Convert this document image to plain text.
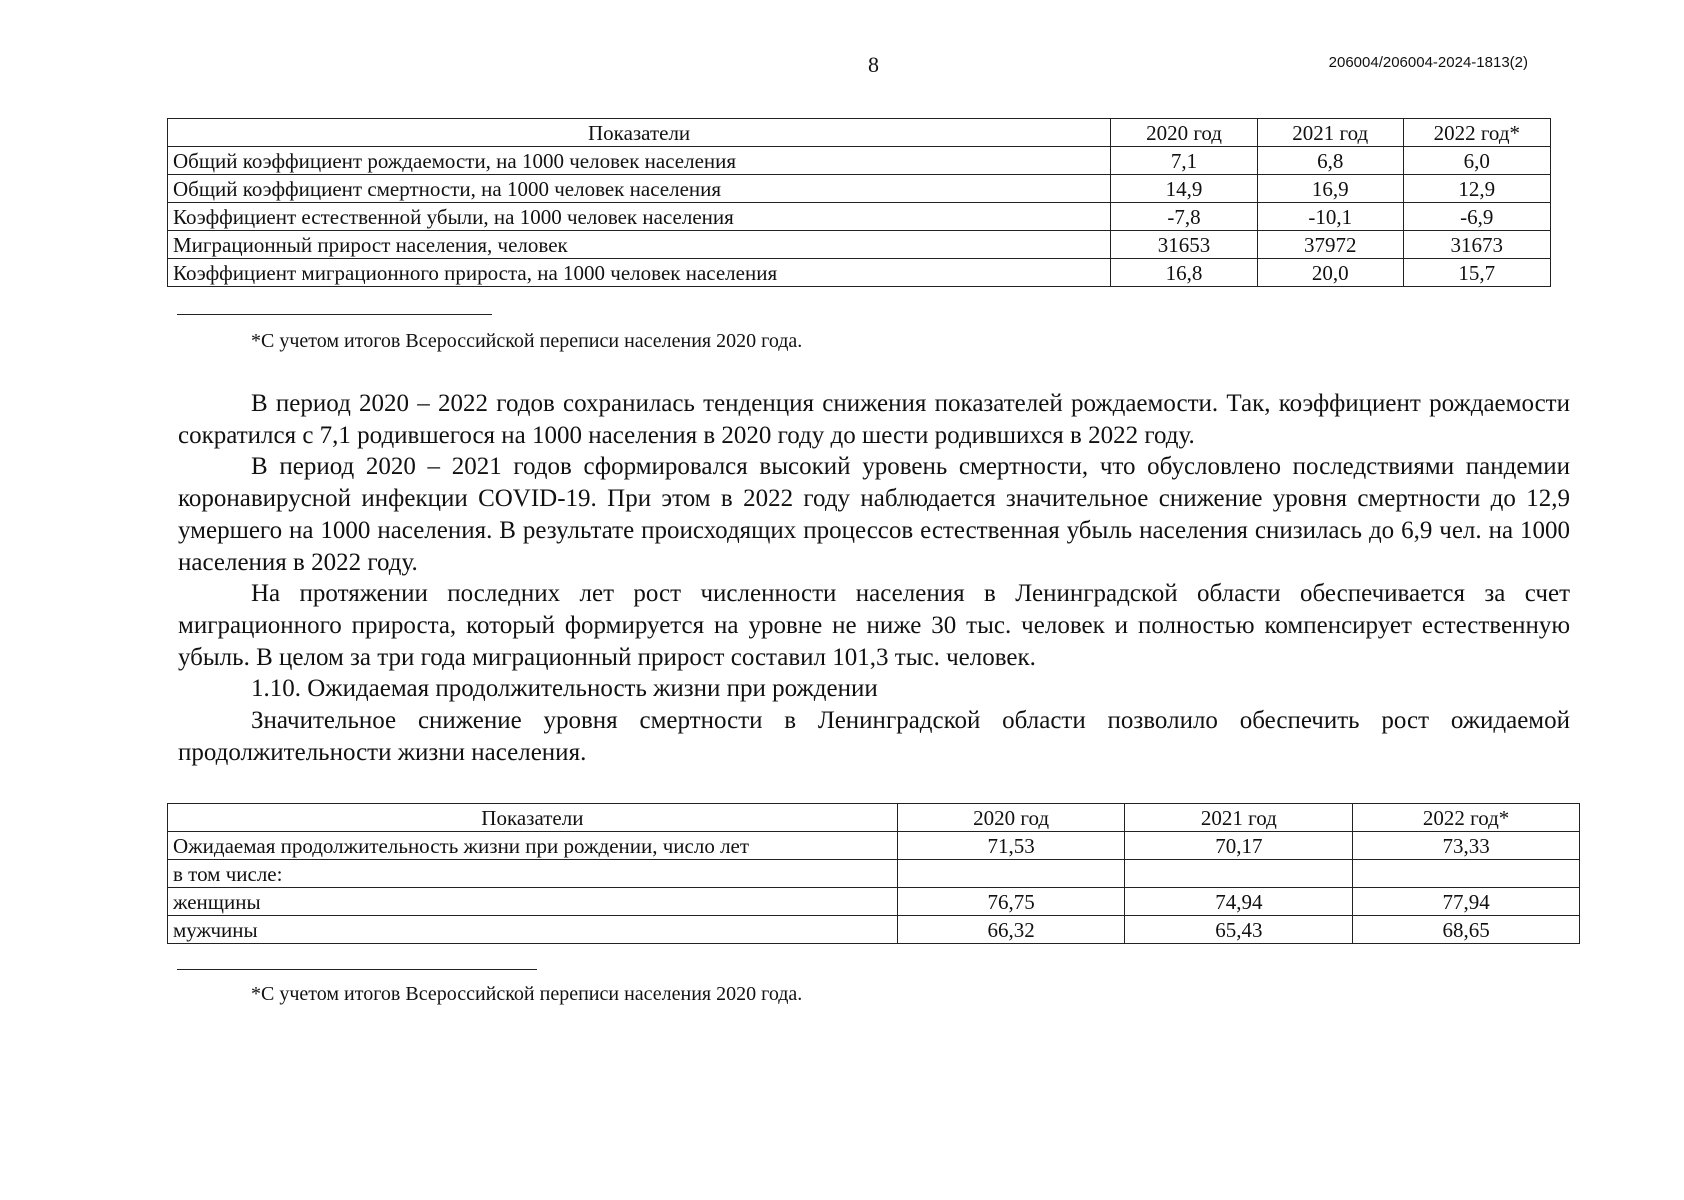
8	206004/206004-2024-1813(2)
Показатели	2020 год	2021 год	2022 год*
Общий коэффициент рождаемости, на 1000 человек населения	7,1	6,8	6,0
Общий коэффициент смертности, на 1000 человек населения	14,9	16,9	12,9
Коэффициент естественной убыли, на 1000 человек населения	-7,8	-10,1	-6,9
Миграционный прирост населения, человек	31653	37972	31673
Коэффициент миграционного прироста, на 1000 человек населения	16,8	20,0	15,7
*С учетом итогов Всероссийской переписи населения 2020 года.

В период 2020 – 2022 годов сохранилась тенденция снижения показателей рождаемости. Так, коэффициент рождаемости сократился с 7,1 родившегося на 1000 населения в 2020 году до шести родившихся в 2022 году.

В период 2020 – 2021 годов сформировался высокий уровень смертности, что обусловлено последствиями пандемии коронавирусной инфекции COVID-19. При этом в 2022 году наблюдается значительное снижение уровня смертности до 12,9 умершего на 1000 населения. В результате происходящих процессов естественная убыль населения снизилась до 6,9 чел. на 1000 населения в 2022 году.

На протяжении последних лет рост численности населения в Ленинградской области обеспечивается за счет миграционного прироста, который формируется на уровне не ниже 30 тыс. человек и полностью компенсирует естественную убыль. В целом за три года миграционный прирост составил 101,3 тыс. человек.

1.10. Ожидаемая продолжительность жизни при рождении

Значительное снижение уровня смертности в Ленинградской области позволило обеспечить рост ожидаемой продолжительности жизни населения.

Показатели	2020 год	2021 год	2022 год*
Ожидаемая продолжительность жизни при рождении, число лет	71,53	70,17	73,33
в том числе:			
женщины	76,75	74,94	77,94
мужчины	66,32	65,43	68,65
*С учетом итогов Всероссийской переписи населения 2020 года.
